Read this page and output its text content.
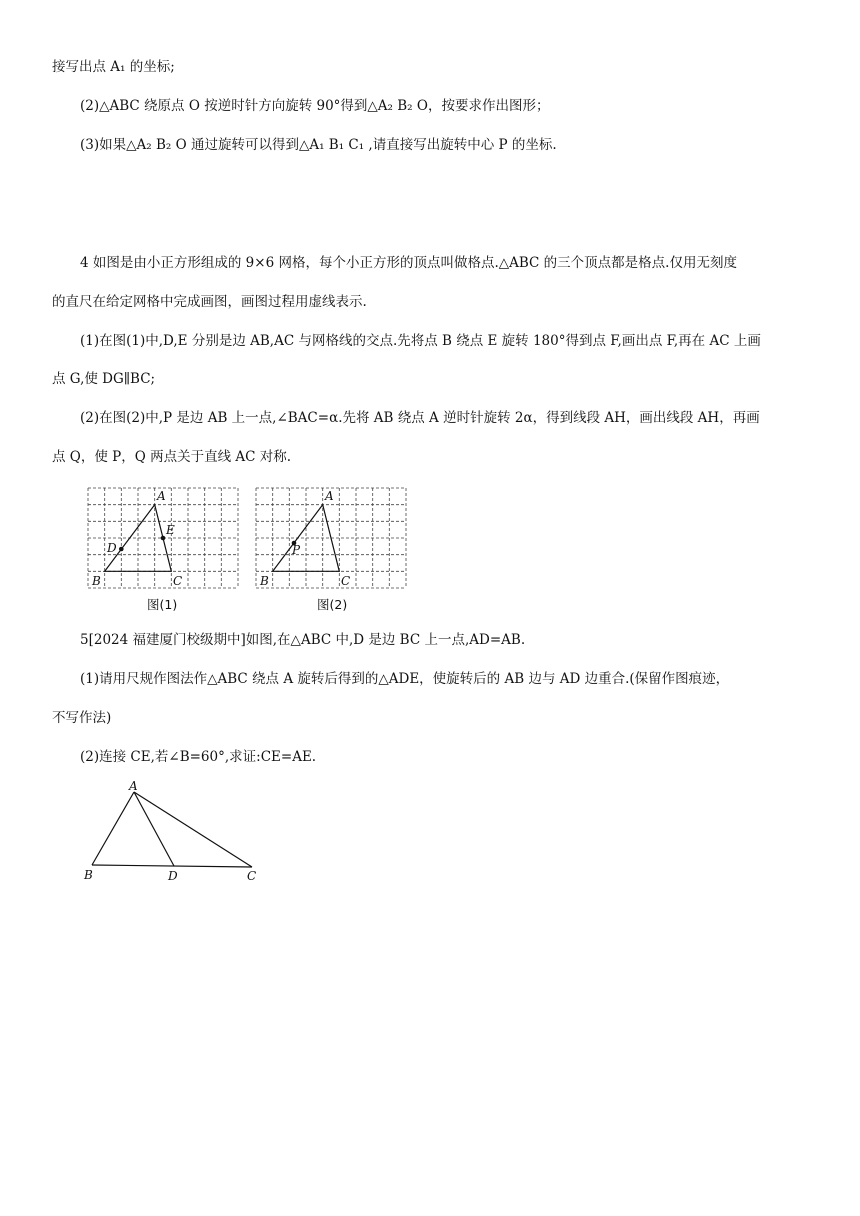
接写出点 A₁ 的坐标;
(2)△ABC 绕原点 O 按逆时针方向旋转 90°得到△A₂ B₂ O，按要求作出图形；
(3)如果△A₂ B₂ O 通过旋转可以得到△A₁ B₁ C₁ ,请直接写出旋转中心 P 的坐标.
4 如图是由小正方形组成的 9×6 网格，每个小正方形的顶点叫做格点.△ABC 的三个顶点都是格点.仅用无刻度
的直尺在给定网格中完成画图，画图过程用虚线表示.
(1)在图(1)中,D,E 分别是边 AB,AC 与网格线的交点.先将点 B 绕点 E 旋转 180°得到点 F,画出点 F,再在 AC 上画
点 G,使 DG∥BC;
(2)在图(2)中,P 是边 AB 上一点,∠BAC=α.先将 AB 绕点 A 逆时针旋转 2α，得到线段 AH，画出线段 AH，再画
点 Q，使 P，Q 两点关于直线 AC 对称.
5[2024 福建厦门校级期中]如图,在△ABC 中,D 是边 BC 上一点,AD=AB.
(1)请用尺规作图法作△ABC 绕点 A 旋转后得到的△ADE，使旋转后的 AB 边与 AD 边重合.(保留作图痕迹，
不写作法)
(2)连接 CE,若∠B=60°,求证:CE=AE.
A
B	C
D
E
图(1)
A
B	C
P
图(2)
A
B	D	C
